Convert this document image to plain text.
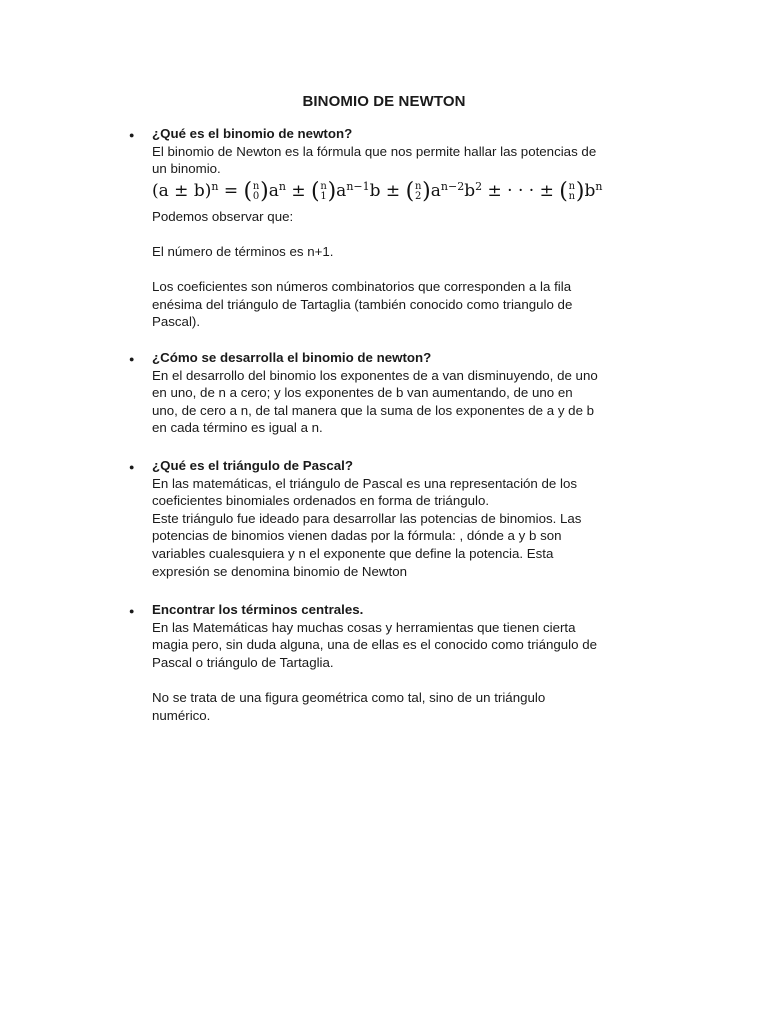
BINOMIO DE NEWTON
● ¿Qué es el binomio de newton?
El binomio de Newton es la fórmula que nos permite hallar las potencias de
un binomio.
$(a \pm b)^n$ = ( n
0 )$a^n$ ± ( n
1 )$a^{n-1}b$ ± ( n
2 )$a^{n-2}b^2$ ± · · · ± ( n
n )$b^n$
Podemos observar que:
El número de términos es n+1.
Los coeficientes son números combinatorios que corresponden a la fila
enésima del triángulo de Tartaglia (también conocido como triangulo de
Pascal).
● ¿Cómo se desarrolla el binomio de newton?
En el desarrollo del binomio los exponentes de a van disminuyendo, de uno
en uno, de n a cero; y los exponentes de b van aumentando, de uno en
uno, de cero a n, de tal manera que la suma de los exponentes de a y de b
en cada término es igual a n.
● ¿Qué es el triángulo de Pascal?
En las matemáticas, el triángulo de Pascal es una representación de los
coeficientes binomiales ordenados en forma de triángulo.
Este triángulo fue ideado para desarrollar las potencias de binomios. Las
potencias de binomios vienen dadas por la fórmula: , dónde a y b son
variables cualesquiera y n el exponente que define la potencia. Esta
expresión se denomina binomio de Newton
● Encontrar los términos centrales.
En las Matemáticas hay muchas cosas y herramientas que tienen cierta
magia pero, sin duda alguna, una de ellas es el conocido como triángulo de
Pascal o triángulo de Tartaglia.
No se trata de una figura geométrica como tal, sino de un triángulo
numérico.
